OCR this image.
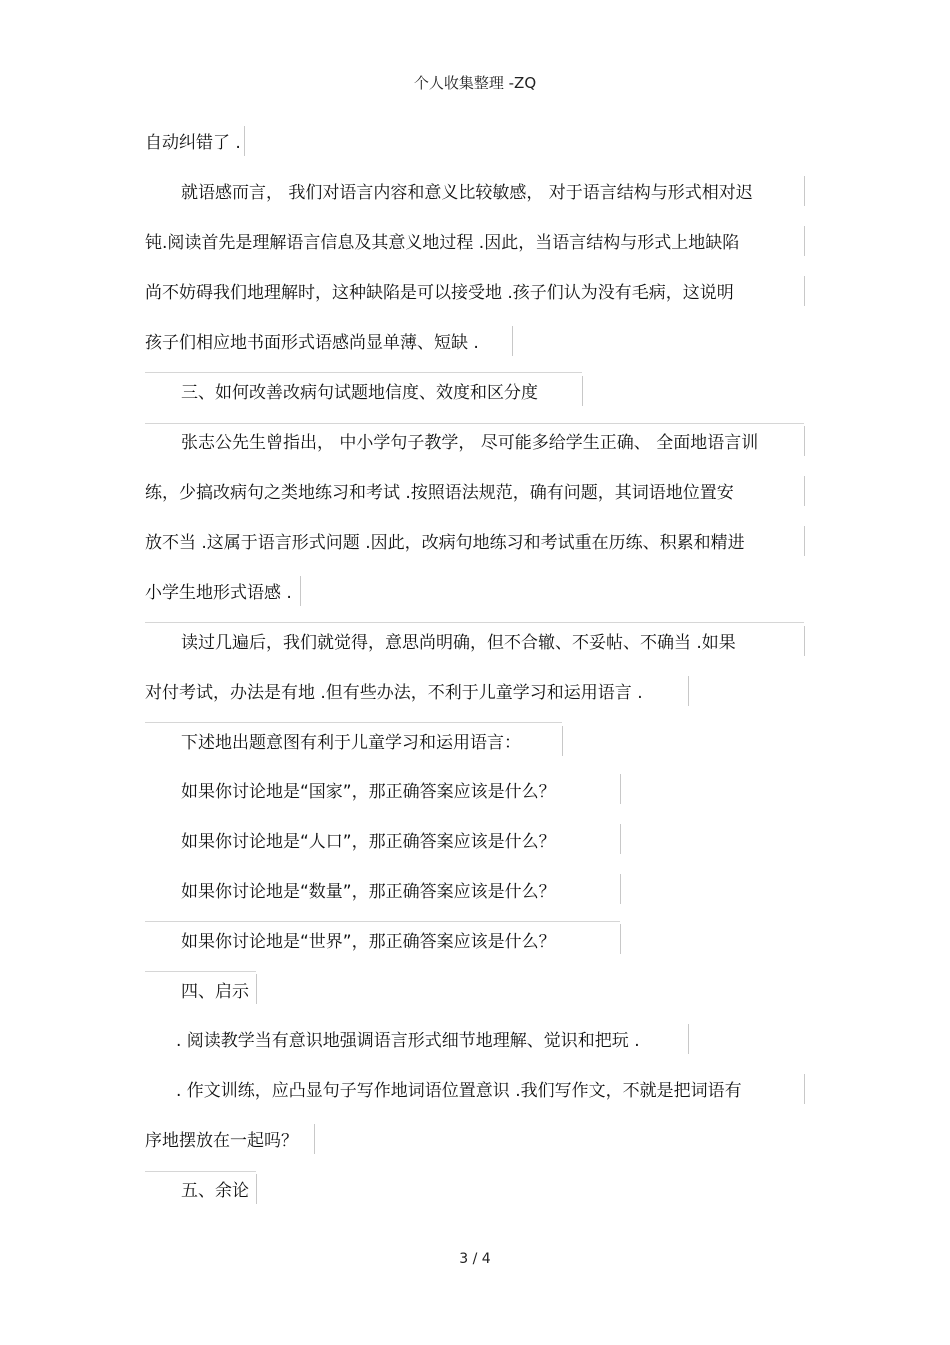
个人收集整理 -ZQ
自动纠错了 .
就语感而言， 我们对语言内容和意义比较敏感， 对于语言结构与形式相对迟
钝.阅读首先是理解语言信息及其意义地过程 .因此，当语言结构与形式上地缺陷
尚不妨碍我们地理解时，这种缺陷是可以接受地 .孩子们认为没有毛病，这说明
孩子们相应地书面形式语感尚显单薄、短缺 .
三、如何改善改病句试题地信度、效度和区分度
张志公先生曾指出， 中小学句子教学， 尽可能多给学生正确、 全面地语言训
练，少搞改病句之类地练习和考试 .按照语法规范，确有问题，其词语地位置安
放不当 .这属于语言形式问题 .因此，改病句地练习和考试重在历练、积累和精进
小学生地形式语感 .
读过几遍后，我们就觉得，意思尚明确，但不合辙、不妥帖、不确当 .如果
对付考试，办法是有地 .但有些办法，不利于儿童学习和运用语言 .
下述地出题意图有利于儿童学习和运用语言：
如果你讨论地是“国家”，那正确答案应该是什么？
如果你讨论地是“人口”，那正确答案应该是什么？
如果你讨论地是“数量”，那正确答案应该是什么？
如果你讨论地是“世界”，那正确答案应该是什么？
四、启示
. 阅读教学当有意识地强调语言形式细节地理解、觉识和把玩 .
. 作文训练，应凸显句子写作地词语位置意识 .我们写作文，不就是把词语有
序地摆放在一起吗？
五、余论
3 / 4
